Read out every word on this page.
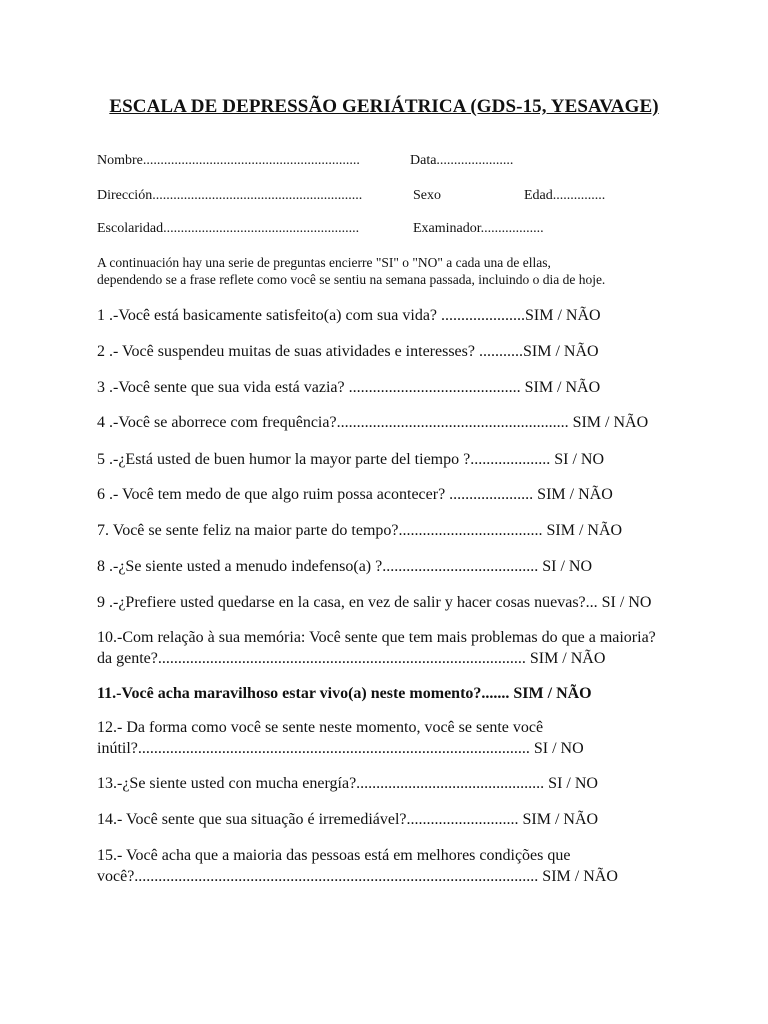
ESCALA DE DEPRESSÃO GERIÁTRICA (GDS-15, YESAVAGE)
Nombre..............................................................	Data......................
Dirección............................................................	Sexo	Edad...............
Escolaridad........................................................	Examinador..................
A continuación hay una serie de preguntas encierre "SI" o "NO" a cada una de ellas,
dependendo se a frase reflete como você se sentiu na semana passada, incluindo o dia de hoje.
1 .-Você está basicamente satisfeito(a) com sua vida? .....................SIM / NÃO
2 .- Você suspendeu muitas de suas atividades e interesses? ...........SIM / NÃO
3 .-Você sente que sua vida está vazia? ........................................... SIM / NÃO
4 .-Você se aborrece com frequência?.......................................................... SIM / NÃO
5 .-¿Está usted de buen humor la mayor parte del tiempo ?.................... SI / NO
6 .- Você tem medo de que algo ruim possa acontecer? ..................... SIM / NÃO
7. Você se sente feliz na maior parte do tempo?.................................... SIM / NÃO
8 .-¿Se siente usted a menudo indefenso(a) ?....................................... SI / NO
9 .-¿Prefiere usted quedarse en la casa, en vez de salir y hacer cosas nuevas?... SI / NO
10.-Com relação à sua memória: Você sente que tem mais problemas do que a maioria?
da gente?............................................................................................ SIM / NÃO
11.-Você acha maravilhoso estar vivo(a) neste momento?....... SIM / NÃO
12.- Da forma como você se sente neste momento, você se sente você
inútil?.................................................................................................. SI / NO
13.-¿Se siente usted con mucha energía?............................................... SI / NO
14.- Você sente que sua situação é irremediável?............................ SIM / NÃO
15.- Você acha que a maioria das pessoas está em melhores condições que
você?..................................................................................................... SIM / NÃO
